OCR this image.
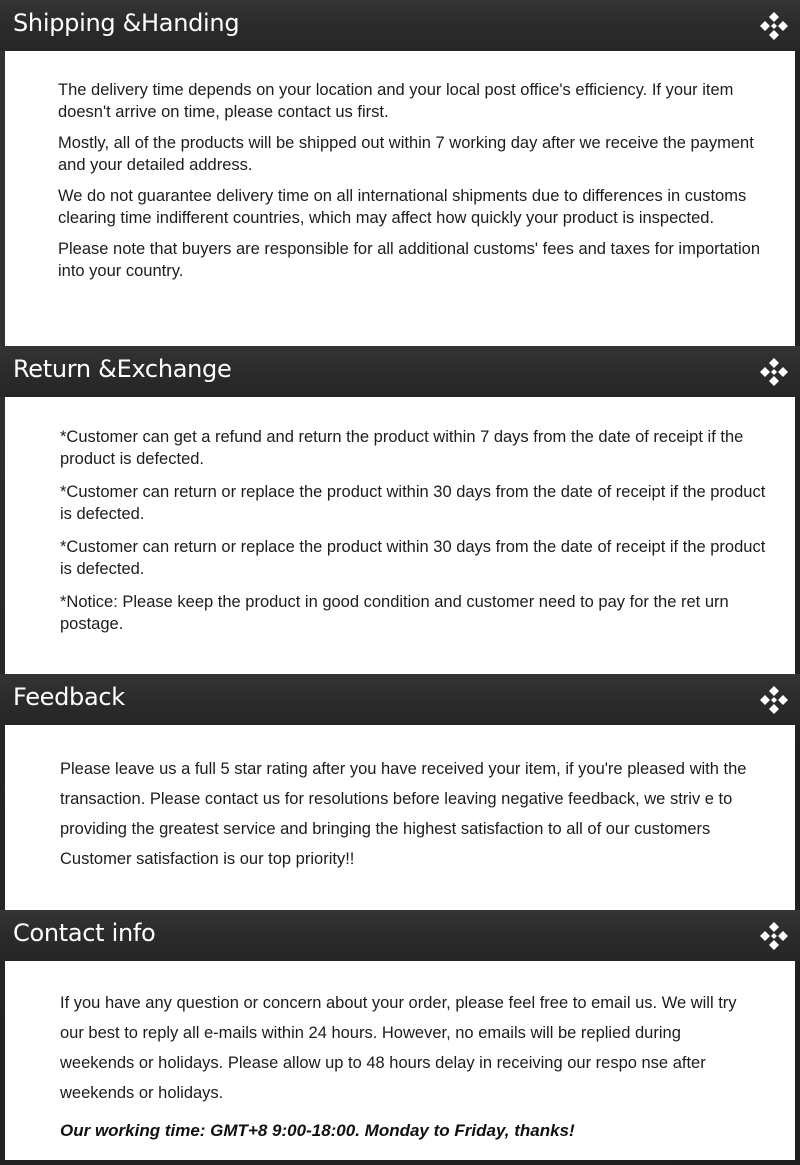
Shipping &Handing

The delivery time depends on your location and your local post office's efficiency. If your item doesn't arrive on time, please contact us first.

Mostly, all of the products will be shipped out within 7 working day after we receive the payment and your detailed address.

We do not guarantee delivery time on all international shipments due to differences in customs clearing time indifferent countries, which may affect how quickly your product is inspected.

Please note that buyers are responsible for all additional customs' fees and taxes for importation into your country.

Return &Exchange

*Customer can get a refund and return the product within 7 days from the date of receipt if the product is defected.

*Customer can return or replace the product within 30 days from the date of receipt if the product is defected.

*Customer can return or replace the product within 30 days from the date of receipt if the product is defected.

*Notice: Please keep the product in good condition and customer need to pay for the ret urn postage.

Feedback

Please leave us a full 5 star rating after you have received your item, if you're pleased with the transaction. Please contact us for resolutions before leaving negative feedback, we striv e to providing the greatest service and bringing the highest satisfaction to all of our customers Customer satisfaction is our top priority!!

Contact info

If you have any question or concern about your order, please feel free to email us. We will try our best to reply all e-mails within 24 hours. However, no emails will be replied during weekends or holidays. Please allow up to 48 hours delay in receiving our respo nse after weekends or holidays.

Our working time: GMT+8 9:00-18:00. Monday to Friday, thanks!
